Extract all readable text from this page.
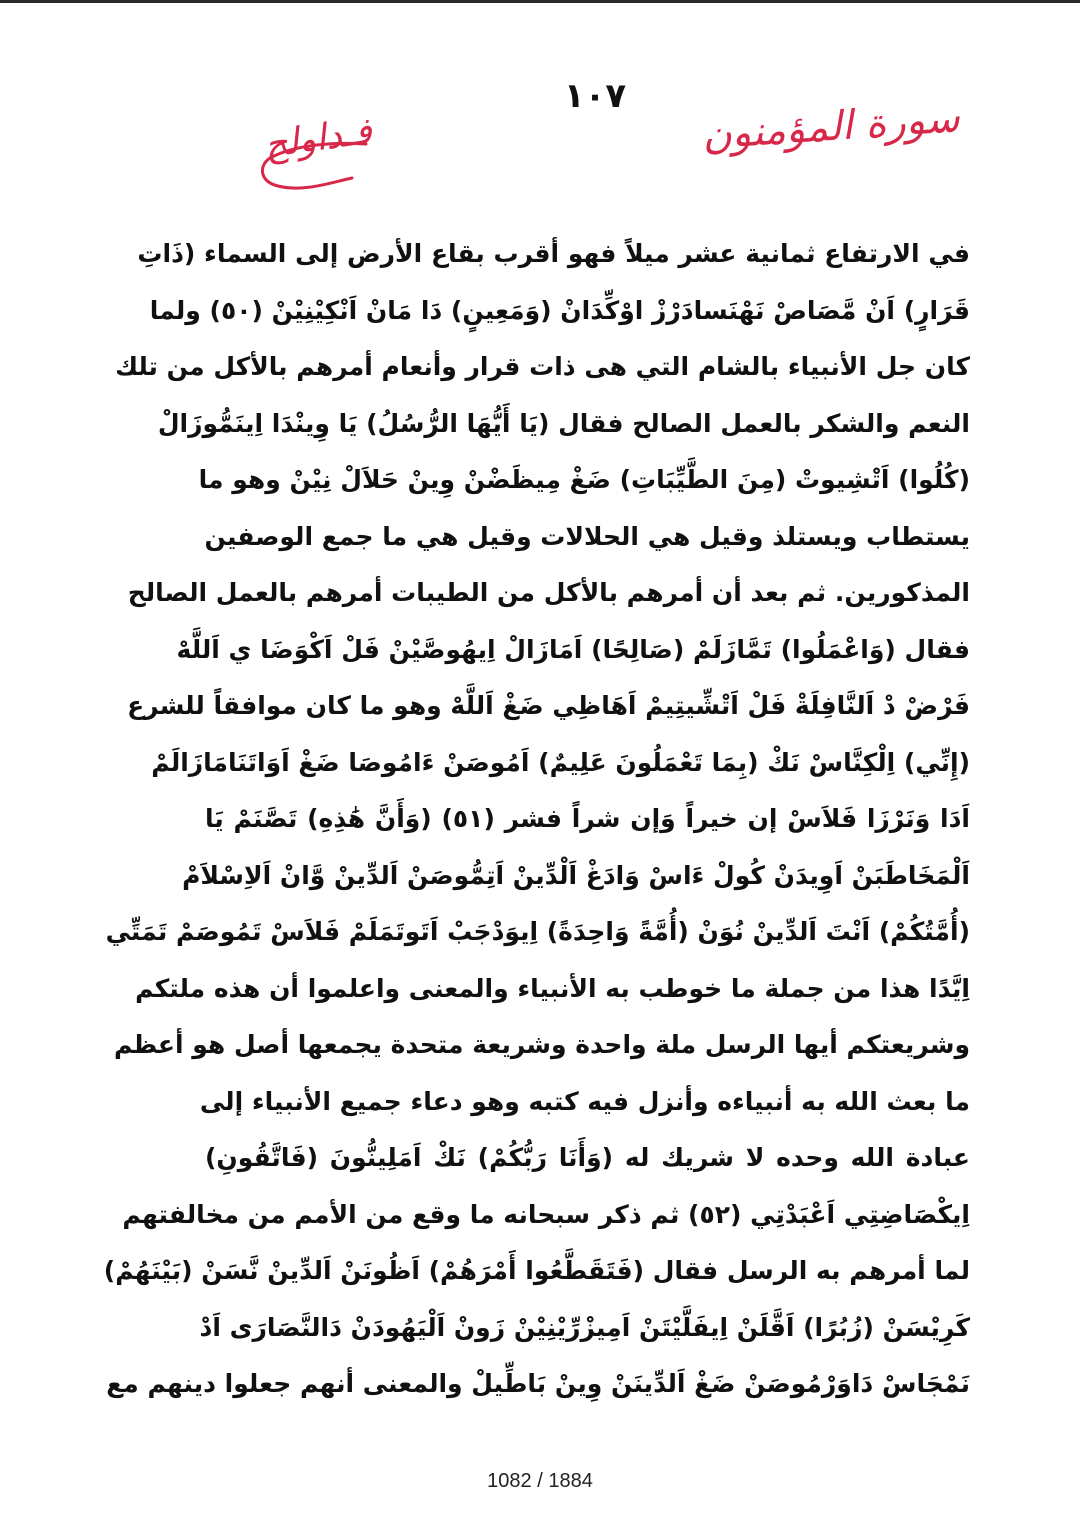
١٠٧	سورة المؤمنون
فـداولح
في الارتفاع ثمانية عشر ميلاً فهو أقرب بقاع الأرض إلى السماء (ذَاتِ
قَرَارٍ) اَنْ مَّصَاصْ نَهْنَسادَرْزْ اوْكِّدَانْ (وَمَعِينٍ) دَا مَانْ اَنْكِيْنِيْنْ (٥٠) ولما
كان جل الأنبياء بالشام التي هى ذات قرار وأنعام أمرهم بالأكل من تلك
النعم والشكر بالعمل الصالح فقال (يَا أَيُّهَا الرُّسُلُ) يَا وِينْدَا اِينَمُّوزَالْ
(كُلُوا) اَتْشِيوتْ (مِنَ الطَّيِّبَاتِ) ضَغْ مِيظَضْنْ وِينْ حَلاَلْ نِيْنْ وهو ما
يستطاب ويستلذ وقيل هي الحلالات وقيل هي ما جمع الوصفين
المذكورين. ثم بعد أن أمرهم بالأكل من الطيبات أمرهم بالعمل الصالح
فقال (وَاعْمَلُوا) تَمَّازَلَمْ (صَالِحًا) اَمَازَالْ اِيهُوصَّيْنْ فَلْ اَكْوَضَا ي اَللَّهْ
فَرْضْ دْ اَلنَّافِلَةْ فَلْ اَتْشِّيتِيمْ اَهَاظِي ضَغْ اَللَّهْ وهو ما كان موافقاً للشرع
(إِنِّي) اِلْكِنَّاسْ نَكْ (بِمَا تَعْمَلُونَ عَلِيمٌ) اَمُوصَنْ ءَامُوصَا ضَغْ اَوَاتَنَامَازَالَمْ
اَدَا وَنَرْزَا فَلاَسْ إن خيراً وَإن شراً فشر (٥١) (وَأَنَّ هَٰذِهِ) تَصَّنَمْ يَا
اَلْمَخَاطَبَنْ اَوِيدَنْ كُولْ ءَاسْ وَادَغْ اَلْدِّينْ اَتِمُّوصَنْ اَلدِّينْ وَّانْ اَلاِسْلاَمْ
(أُمَّتُكُمْ) اَنْتَ اَلدِّينْ نُوَنْ (أُمَّةً وَاحِدَةً) اِيوَدْجَبْ اَتَوتَمَلَمْ فَلاَسْ تَمُوصَمْ تَمَتِّي
اِيَّدًا هذا من جملة ما خوطب به الأنبياء والمعنى واعلموا أن هذه ملتكم
وشريعتكم أيها الرسل ملة واحدة وشريعة متحدة يجمعها أصل هو أعظم
ما بعث الله به أنبياءه وأنزل فيه كتبه وهو دعاء جميع الأنبياء إلى
عبادة الله وحده لا شريك له (وَأَنَا رَبُّكُمْ) نَكْ اَمَلِينُّونَ (فَاتَّقُونِ)
اِيكْصَاضِتِي اَعْبَدْتِي (٥٢) ثم ذكر سبحانه ما وقع من الأمم من مخالفتهم
لما أمرهم به الرسل فقال (فَتَقَطَّعُوا أَمْرَهُمْ) اَظُونَنْ اَلدِّينْ نَّسَنْ (بَيْنَهُمْ)
كَرِيْسَنْ (زُبُرًا) اَقَّلَنْ اِيفَلَّيْتَنْ اَمِيزْرِّيْنِيْنْ زَونْ اَلْيَهُودَنْ دَالنَّصَارَى اَدْ
نَمْجَاسْ دَاوَرْمُوصَنْ ضَغْ اَلدِّينَنْ وِينْ بَاطِّيلْ والمعنى أنهم جعلوا دينهم مع
1082 / 1884
